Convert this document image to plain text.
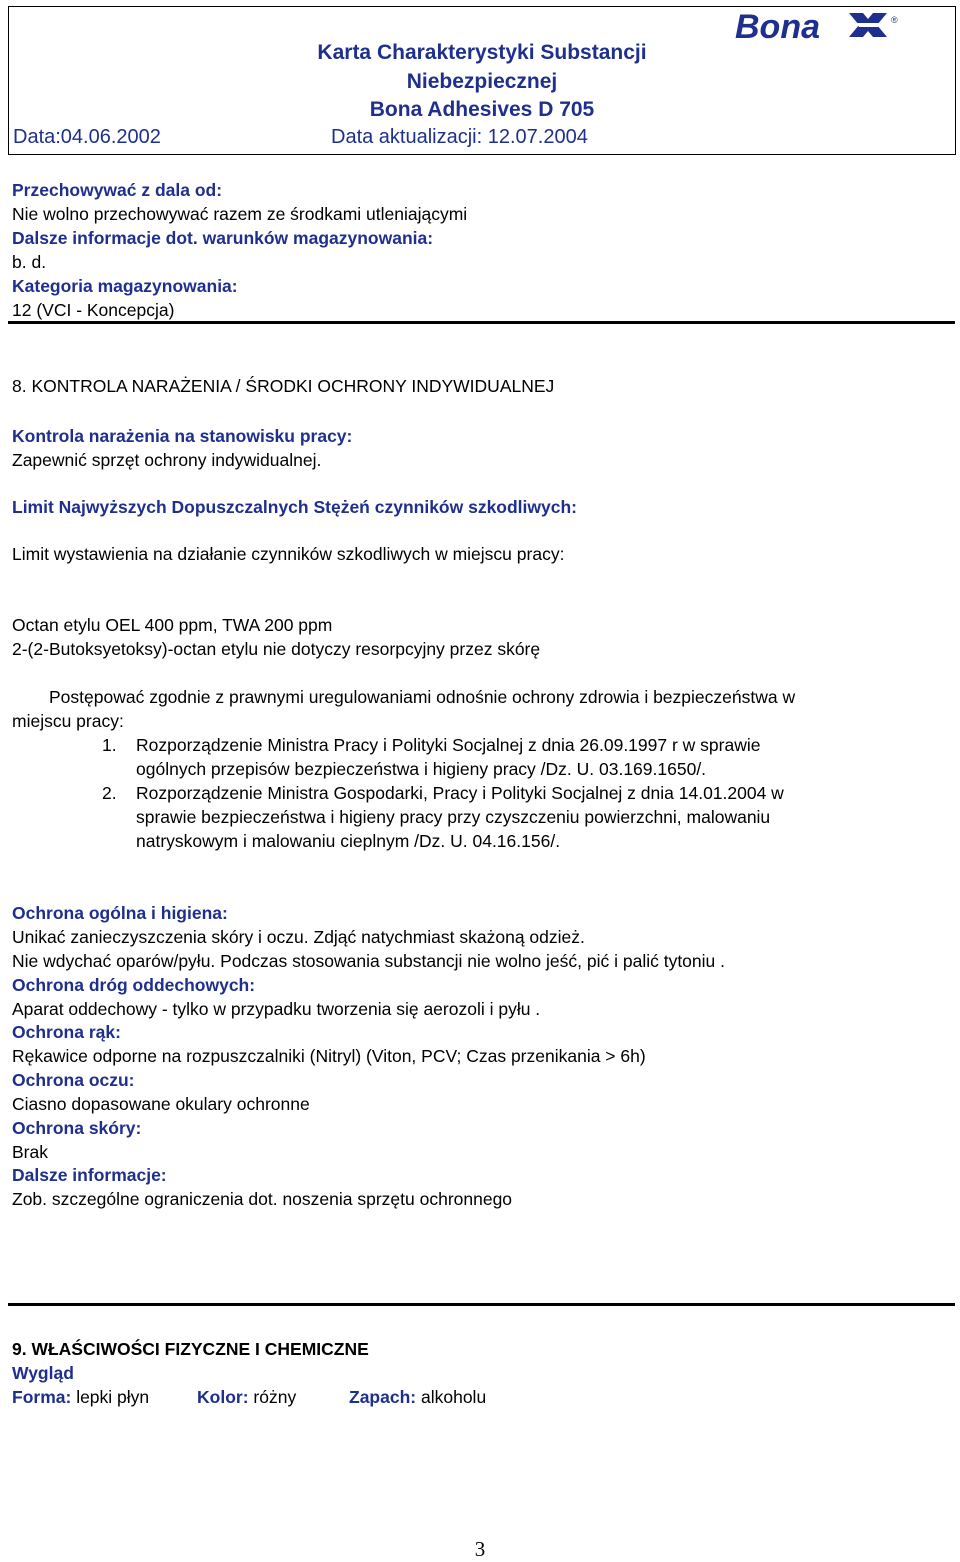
Karta Charakterystyki Substancji
Niebezpiecznej
Bona Adhesives D 705
Data:04.06.2002	Data aktualizacji: 12.07.2004
Bona	®
Przechowywać z dala od:
Nie wolno przechowywać razem ze środkami utleniającymi
Dalsze informacje dot. warunków magazynowania:
b. d.
Kategoria magazynowania:
12 (VCI - Koncepcja)
8. KONTROLA NARAŻENIA / ŚRODKI OCHRONY INDYWIDUALNEJ
Kontrola narażenia na stanowisku pracy:
Zapewnić sprzęt ochrony indywidualnej.
Limit Najwyższych Dopuszczalnych Stężeń czynników szkodliwych:
Limit wystawienia na działanie czynników szkodliwych w miejscu pracy:
Octan etylu OEL 400 ppm, TWA 200 ppm
2-(2-Butoksyetoksy)-octan etylu nie dotyczy resorpcyjny przez skórę
Postępować zgodnie z prawnymi uregulowaniami odnośnie ochrony zdrowia i bezpieczeństwa w
miejscu pracy:
1. Rozporządzenie Ministra Pracy i Polityki Socjalnej z dnia 26.09.1997 r w sprawie
ogólnych przepisów bezpieczeństwa i higieny pracy /Dz. U. 03.169.1650/.
2. Rozporządzenie Ministra Gospodarki, Pracy i Polityki Socjalnej z dnia 14.01.2004 w
sprawie bezpieczeństwa i higieny pracy przy czyszczeniu powierzchni, malowaniu
natryskowym i malowaniu cieplnym /Dz. U. 04.16.156/.
Ochrona ogólna i higiena:
Unikać zanieczyszczenia skóry i oczu. Zdjąć natychmiast skażoną odzież.
Nie wdychać oparów/pyłu. Podczas stosowania substancji nie wolno jeść, pić i palić tytoniu .
Ochrona dróg oddechowych:
Aparat oddechowy - tylko w przypadku tworzenia się aerozoli i pyłu .
Ochrona rąk:
Rękawice odporne na rozpuszczalniki (Nitryl) (Viton, PCV; Czas przenikania > 6h)
Ochrona oczu:
Ciasno dopasowane okulary ochronne
Ochrona skóry:
Brak
Dalsze informacje:
Zob. szczególne ograniczenia dot. noszenia sprzętu ochronnego
9. WŁAŚCIWOŚCI FIZYCZNE I CHEMICZNE
Wygląd
Forma: lepki płyn	Kolor: różny	Zapach: alkoholu
3
